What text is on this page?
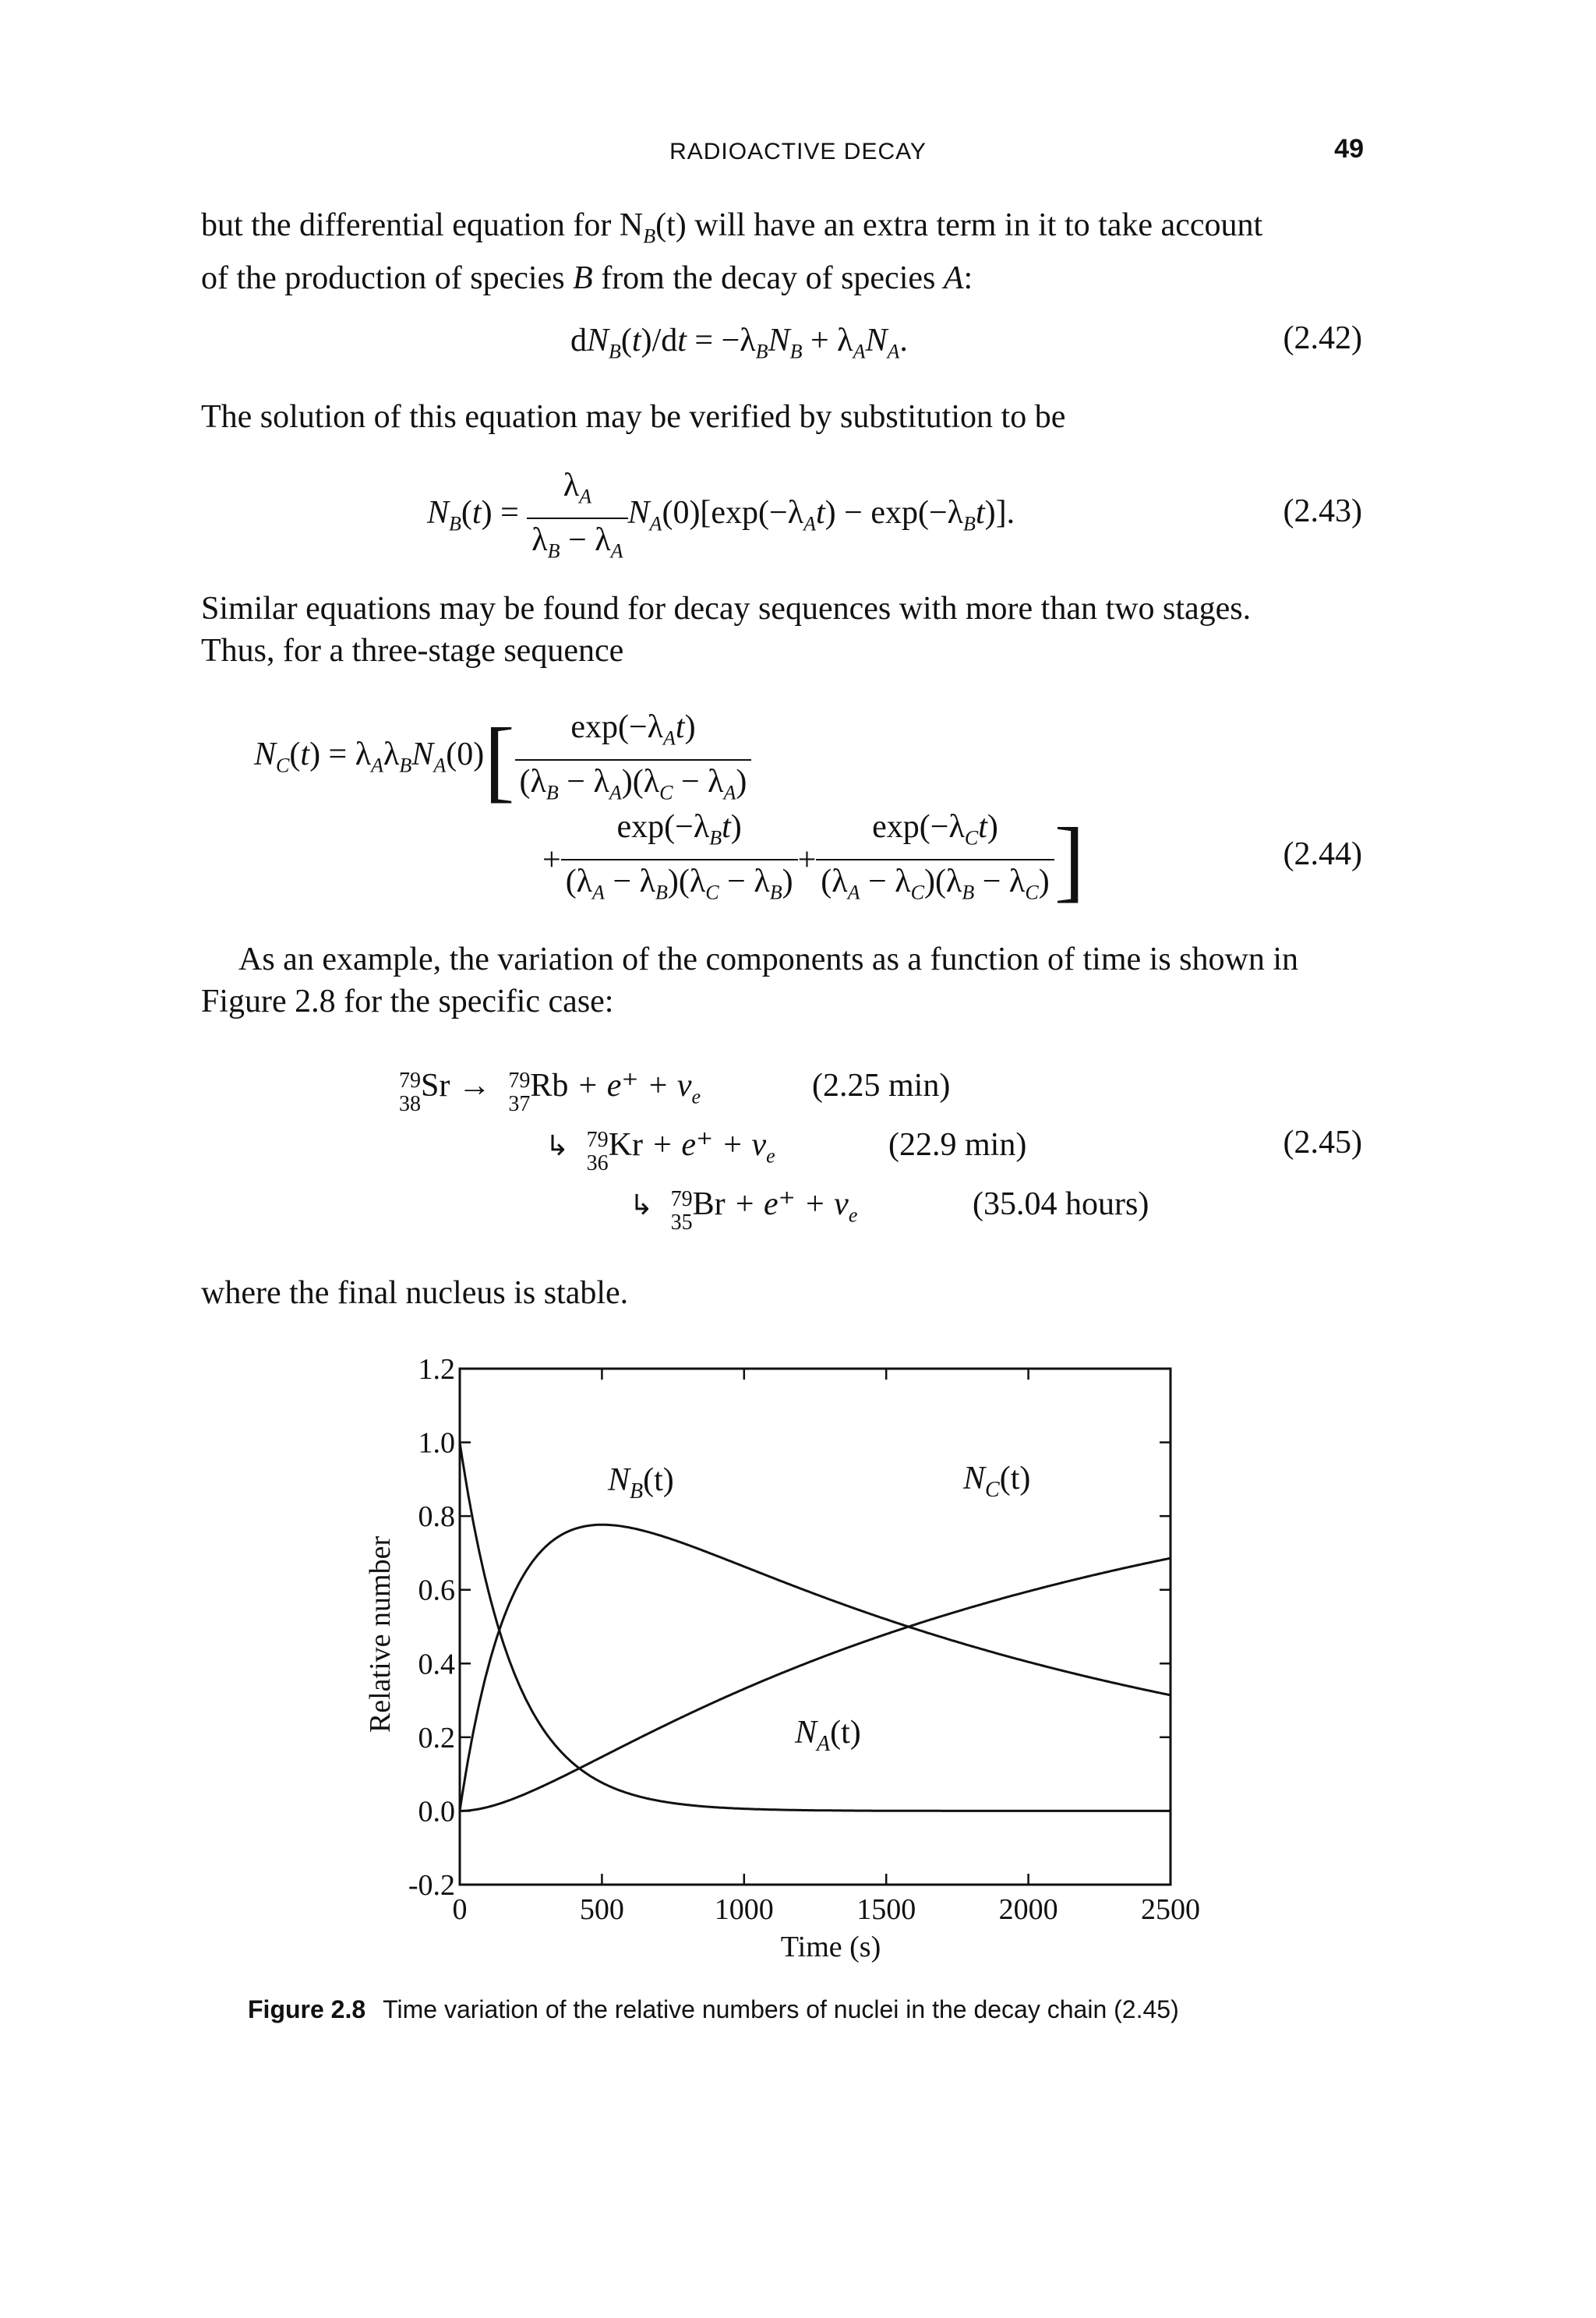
RADIOACTIVE DECAY	49

but the differential equation for $N_B(t)$ will have an extra term in it to take account

of the production of species B from the decay of species A:

$dN_B(t)/dt = -\lambda_BN_B + \lambda_AN_A$.	(2.42)

The solution of this equation may be verified by substitution to be

$N_B(t) = \frac{\lambda_A}{\lambda_B - \lambda_A} N_A(0)[\exp(-\lambda_At) - \exp(-\lambda_Bt)]$.	(2.43)

Similar equations may be found for decay sequences with more than two stages.

Thus, for a three-stage sequence

$N_C(t) = \lambda_A\lambda_BN_A(0)[ \frac{\exp(-\lambda_At)}{(\lambda_B - \lambda_A)(\lambda_C - \lambda_A)}$
+ $\frac{\exp(-\lambda_Bt)}{(\lambda_A - \lambda_B)(\lambda_C - \lambda_B)} + \frac{\exp(-\lambda_Ct)}{(\lambda_A - \lambda_C)(\lambda_B - \lambda_C)}$ ]	(2.44)

As an example, the variation of the components as a function of time is shown in

Figure 2.8 for the specific case:

79
38
Sr → 79
37
$Rb + e^+ + \nu_e$	(2.25 min)
↳ 79
36
$Kr + e^+ + \nu_e$	(22.9 min)	(2.45)
↳ 79
35
$Br + e^+ + \nu_e$	(35.04 hours)

where the final nucleus is stable.

0	500	1000	1500	2000	2500
-0.2
0.0
0.2
0.4
0.6
0.8
1.0
1.2
Time (s)
Relative number	$N_A(t)$
$N_B(t)$	$N_C(t)$
Figure 2.8 Time variation of the relative numbers of nuclei in the decay chain (2.45)
